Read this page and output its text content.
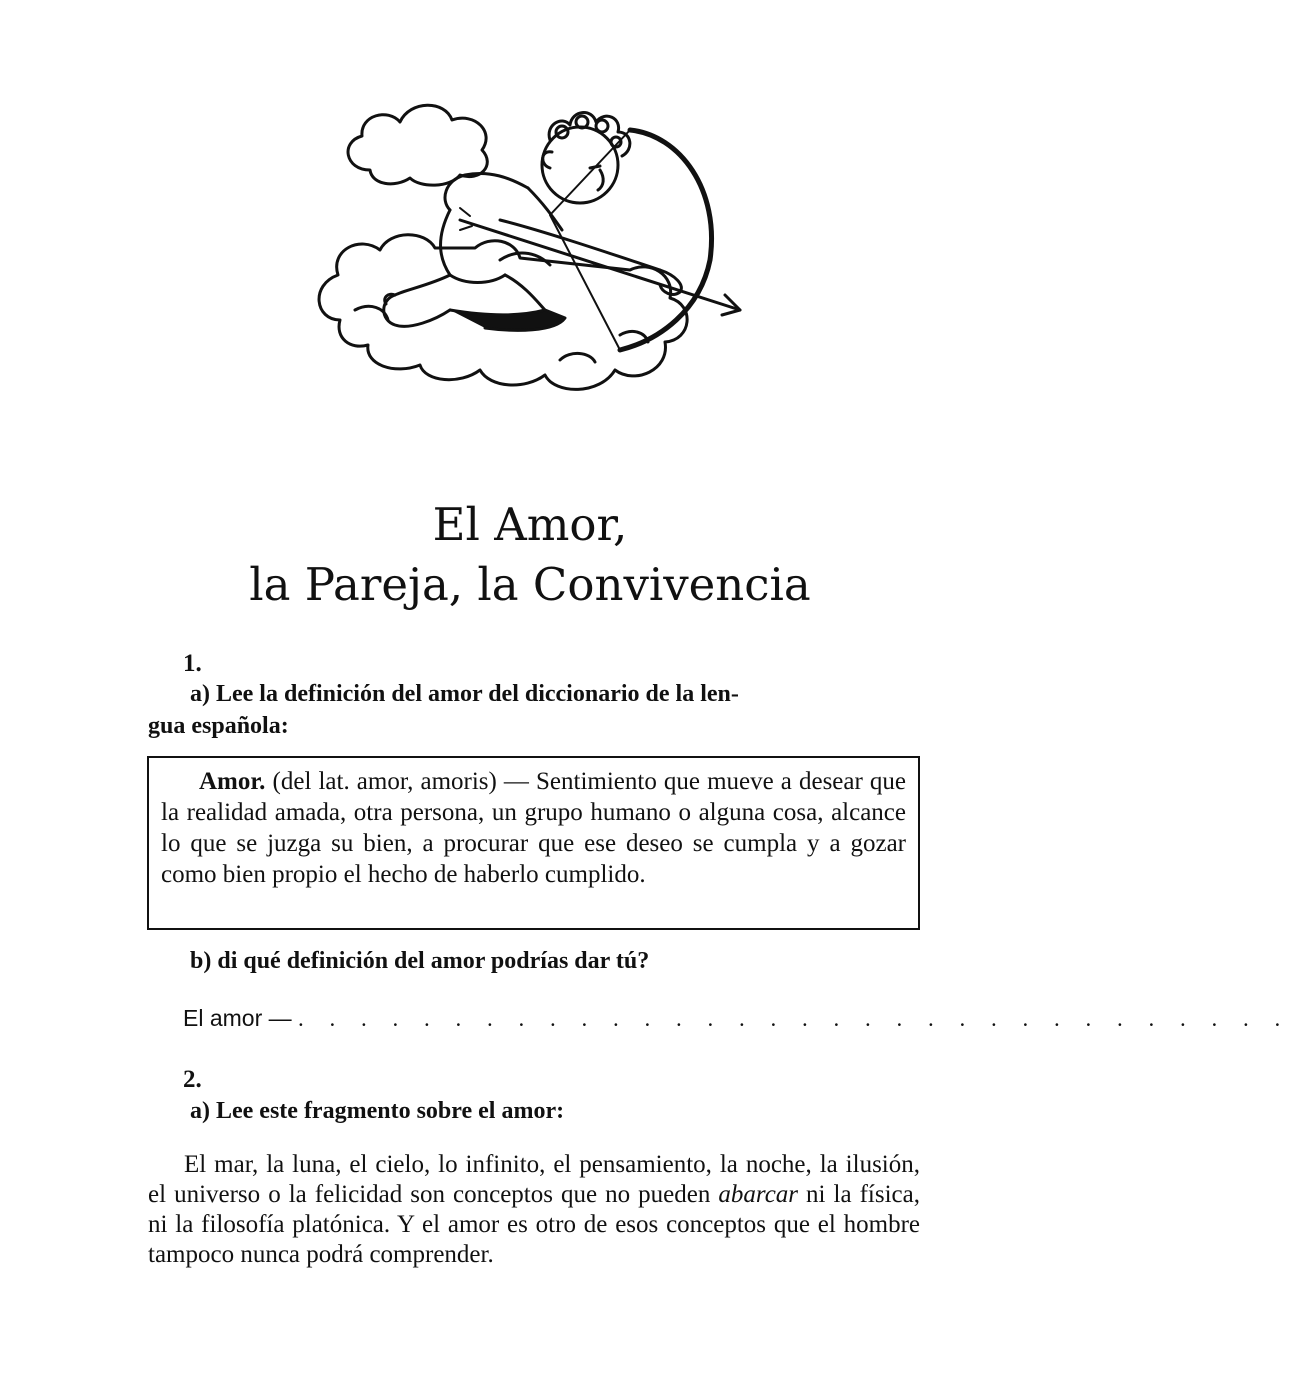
El Amor,
la Pareja, la Convivencia
1.
a) Lee la definición del amor del diccionario de la len-
gua española:
Amor. (del lat. amor, amoris) — Sentimiento que mueve a desear que la realidad amada, otra persona, un grupo humano o alguna cosa, alcance lo que se juzga su bien, a procurar que ese deseo se cumpla y a gozar como bien propio el hecho de haberlo cumplido.
b) di qué definición del amor podrías dar tú?
El amor — . . . . . . . . . . . . . . . . . . . . . . . . . . . . . . . .
2.
a) Lee este fragmento sobre el amor:
El mar, la luna, el cielo, lo infinito, el pensamiento, la noche, la ilusión, el universo o la felicidad son conceptos que no pueden abarcar ni la física, ni la filosofía platónica. Y el amor es otro de esos conceptos que el hombre tampoco nunca podrá comprender.
